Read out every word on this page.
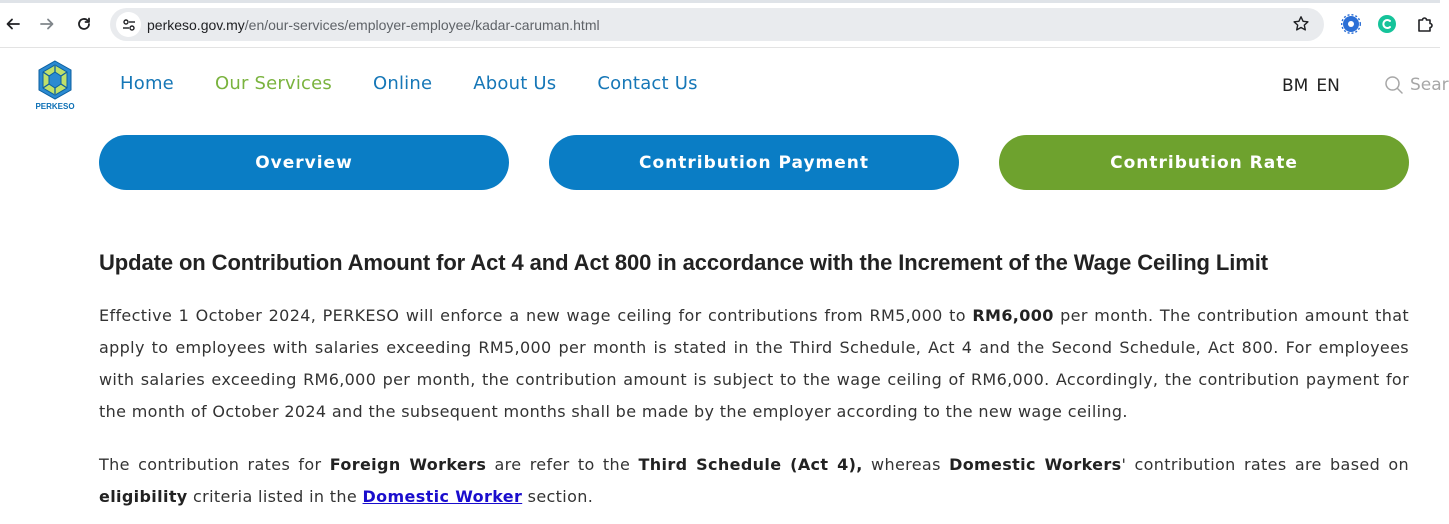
perkeso.gov.my/en/our-services/employer-employee/kadar-caruman.html
PERKESO
Home Our Services Online About Us Contact Us	BM EN	Sear
Overview	Contribution Payment	Contribution Rate
Update on Contribution Amount for Act 4 and Act 800 in accordance with the Increment of the Wage Ceiling Limit

Effective 1 October 2024, PERKESO will enforce a new wage ceiling for contributions from RM5,000 to RM6,000 per month. The contribution amount that apply to employees with salaries exceeding RM5,000 per month is stated in the Third Schedule, Act 4 and the Second Schedule, Act 800. For employees with salaries exceeding RM6,000 per month, the contribution amount is subject to the wage ceiling of RM6,000. Accordingly, the contribution payment for the month of October 2024 and the subsequent months shall be made by the employer according to the new wage ceiling.

The contribution rates for Foreign Workers are refer to the Third Schedule (Act 4), whereas Domestic Workers' contribution rates are based on eligibility criteria listed in the Domestic Worker section.
